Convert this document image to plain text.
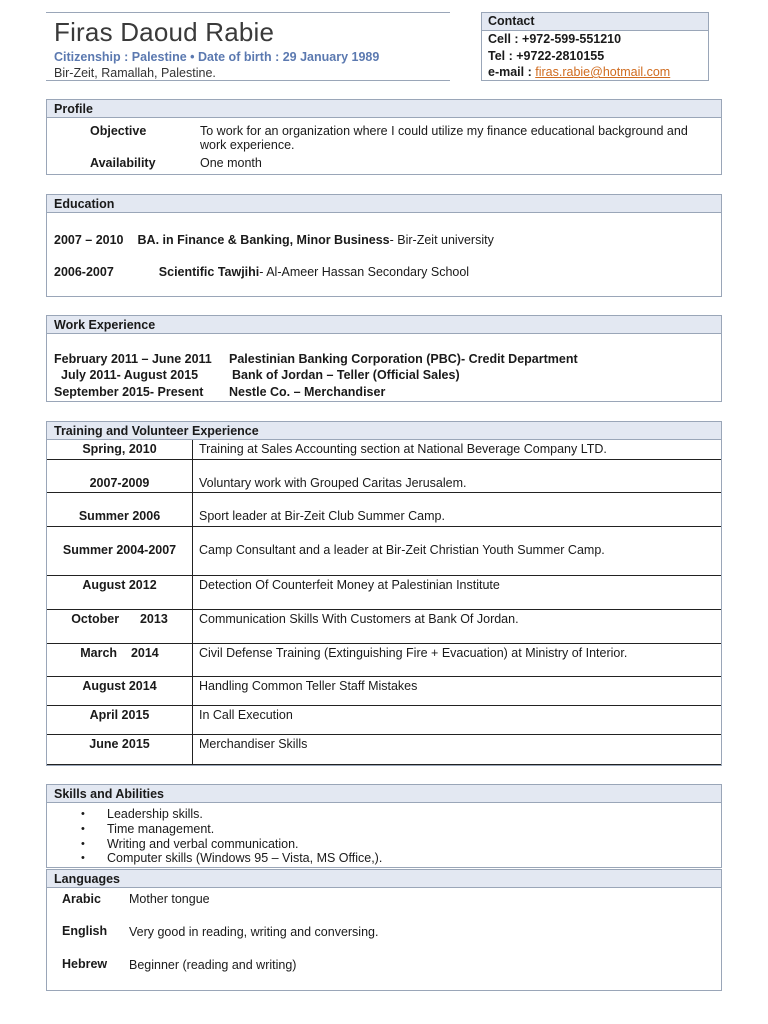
Firas Daoud Rabie
Citizenship : Palestine • Date of birth : 29 January 1989
Bir-Zeit, Ramallah, Palestine.
Contact
Cell : +972-599-551210
Tel : +9722-2810155
e-mail : firas.rabie@hotmail.com
Profile
Objective	To work for an organization where I could utilize my finance educational background and
work experience.
Availability	One month
Education
2007 – 2010 BA. in Finance & Banking, Minor Business- Bir-Zeit university
2006-2007	Scientific Tawjihi- Al-Ameer Hassan Secondary School
Work Experience
February 2011 – June 2011 Palestinian Banking Corporation (PBC)- Credit Department
July 2011- August 2015	Bank of Jordan – Teller (Official Sales)
September 2015- Present Nestle Co. – Merchandiser
Training and Volunteer Experience
Spring, 2010	Training at Sales Accounting section at National Beverage Company LTD.
2007-2009	Voluntary work with Grouped Caritas Jerusalem.
Summer 2006	Sport leader at Bir-Zeit Club Summer Camp.
Summer 2004-2007	Camp Consultant and a leader at Bir-Zeit Christian Youth Summer Camp.
August 2012	Detection Of Counterfeit Money at Palestinian Institute
October      2013	Communication Skills With Customers at Bank Of Jordan.
March    2014	Civil Defense Training (Extinguishing Fire + Evacuation) at Ministry of Interior.
August 2014	Handling Common Teller Staff Mistakes
April 2015	In Call Execution
June 2015	Merchandiser Skills
Skills and Abilities
• Leadership skills.
• Time management.
• Writing and verbal communication.
• Computer skills (Windows 95 – Vista, MS Office,).
Languages
Arabic Mother tongue
English Very good in reading, writing and conversing.
Hebrew Beginner (reading and writing)
